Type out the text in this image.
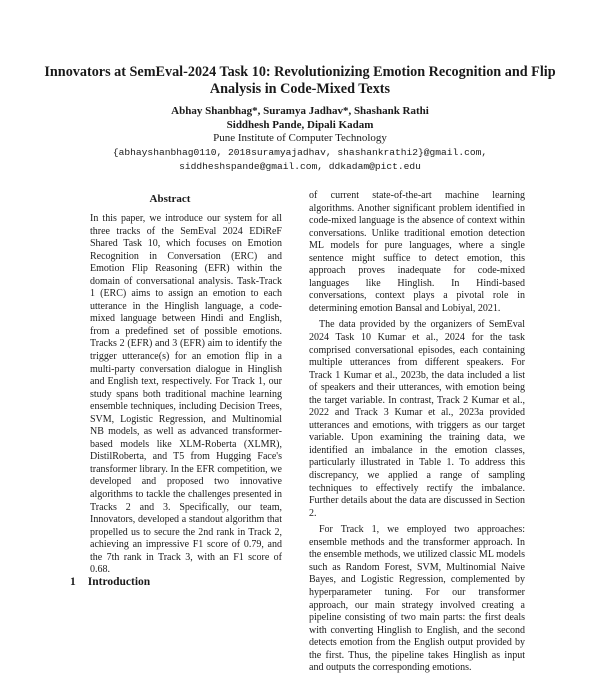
Innovators at SemEval-2024 Task 10: Revolutionizing Emotion Recognition and Flip Analysis in Code-Mixed Texts
Abhay Shanbhag*, Suramya Jadhav*, Shashank Rathi
Siddhesh Pande, Dipali Kadam
Pune Institute of Computer Technology
{abhayshanbhag0110, 2018suramyajadhav, shashankrathi2}@gmail.com,
siddheshspande@gmail.com, ddkadam@pict.edu
Abstract

In this paper, we introduce our system for all three tracks of the SemEval 2024 EDiReF Shared Task 10, which focuses on Emotion Recognition in Conversation (ERC) and Emotion Flip Reasoning (EFR) within the domain of conversational analysis. Task-Track 1 (ERC) aims to assign an emotion to each utterance in the Hinglish language, a code-mixed language between Hindi and English, from a predefined set of possible emotions. Tracks 2 (EFR) and 3 (EFR) aim to identify the trigger utterance(s) for an emotion flip in a multi-party conversation dialogue in Hinglish and English text, respectively. For Track 1, our study spans both traditional machine learning ensemble techniques, including Decision Trees, SVM, Logistic Regression, and Multinomial NB models, as well as advanced transformer-based models like XLM-Roberta (XLMR), DistilRoberta, and T5 from Hugging Face's transformer library. In the EFR competition, we developed and proposed two innovative algorithms to tackle the challenges presented in Tracks 2 and 3. Specifically, our team, Innovators, developed a standout algorithm that propelled us to secure the 2nd rank in Track 2, achieving an impressive F1 score of 0.79, and the 7th rank in Track 3, with an F1 score of 0.68.

1 Introduction

of current state-of-the-art machine learning algorithms. Another significant problem identified in code-mixed language is the absence of context within conversations. Unlike traditional emotion detection ML models for pure languages, where a single sentence might suffice to detect emotion, this approach proves inadequate for code-mixed languages like Hinglish. In Hindi-based conversations, context plays a pivotal role in determining emotion Bansal and Lobiyal, 2021.

The data provided by the organizers of SemEval 2024 Task 10 Kumar et al., 2024 for the task comprised conversational episodes, each containing multiple utterances from different speakers. For Track 1 Kumar et al., 2023b, the data included a list of speakers and their utterances, with emotion being the target variable. In contrast, Track 2 Kumar et al., 2022 and Track 3 Kumar et al., 2023a provided utterances and emotions, with triggers as our target variable. Upon examining the training data, we identified an imbalance in the emotion classes, particularly illustrated in Table 1. To address this discrepancy, we applied a range of sampling techniques to effectively rectify the imbalance. Further details about the data are discussed in Section 2.

For Track 1, we employed two approaches: ensemble methods and the transformer approach. In the ensemble methods, we utilized classic ML models such as Random Forest, SVM, Multinomial Naive Bayes, and Logistic Regression, complemented by hyperparameter tuning. For our transformer approach, our main strategy involved creating a pipeline consisting of two main parts: the first deals with converting Hinglish to English, and the second detects emotion from the English output provided by the first. Thus, the pipeline takes Hinglish as input and outputs the corresponding emotions.
